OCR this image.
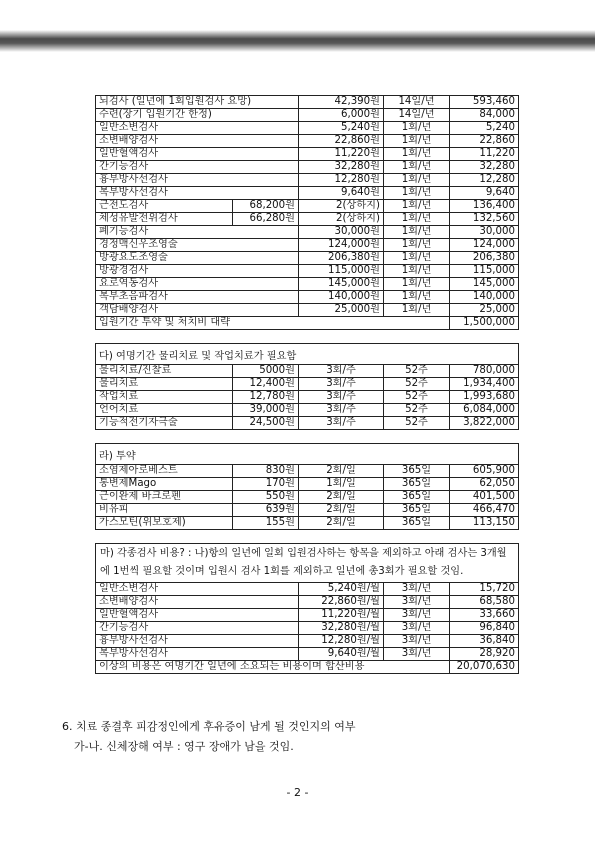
뇌검사 (일년에 1회입원검사 요망)		42,390원	14일/년	593,460
수련(장기 입원기간 한정)		6,000원	14일/년	84,000
일반소변검사		5,240원	1회/년	5,240
소변배양검사		22,860원	1회/년	22,860
일반혈액검사		11,220원	1회/년	11,220
간기능검사		32,280원	1회/년	32,280
흉부방사선검사		12,280원	1회/년	12,280
복부방사선검사		9,640원	1회/년	9,640
근전도검사	68,200원	2(상하지)	1회/년	136,400
체성유발전위검사	66,280원	2(상하지)	1회/년	132,560
폐기능검사		30,000원	1회/년	30,000
경정맥신우조영술		124,000원	1회/년	124,000
방광요도조영술		206,380원	1회/년	206,380
방광경검사		115,000원	1회/년	115,000
요로역동검사		145,000원	1회/년	145,000
복부초음파검사		140,000원	1회/년	140,000
객담배양검사		25,000원	1회/년	25,000
입원기간 투약 및 처치비 대략				1,500,000
다) 여명기간 물리치료 및 작업치료가 필요함				
물리치료/진찰료	5000원	3회/주	52주	780,000
물리치료	12,400원	3회/주	52주	1,934,400
작업치료	12,780원	3회/주	52주	1,993,680
언어치료	39,000원	3회/주	52주	6,084,000
기능적전기자극술	24,500원	3회/주	52주	3,822,000
라) 투약				
소염제아로베스트	830원	2회/일	365일	605,900
통변제Mago	170원	1회/일	365일	62,050
근이완제 바크로펜	550원	2회/일	365일	401,500
비유피	639원	2회/일	365일	466,470
가스모틴(위보호제)	155원	2회/일	365일	113,150
마) 각종검사 비용? : 나)항의 일년에 일회 입원검사하는 항목을 제외하고 아래 검사는 3개월에 1번씩 필요할 것이며 입원시 검사 1회를 제외하고 일년에 총3회가 필요할 것임.			
일반소변검사	5,240원/월	3회/년	15,720
소변배양검사	22,860원/월	3회/년	68,580
일반혈액검사	11,220원/월	3회/년	33,660
간기능검사	32,280원/월	3회/년	96,840
흉부방사선검사	12,280원/월	3회/년	36,840
복부방사선검사	9,640원/월	3회/년	28,920
이상의 비용은 여명기간 일년에 소요되는 비용이며 합산비용			20,070,630
6. 치료 종결후 피감정인에게 후유증이 남게 될 것인지의 여부
가-나. 신체장해 여부 : 영구 장애가 남을 것임.
- 2 -
